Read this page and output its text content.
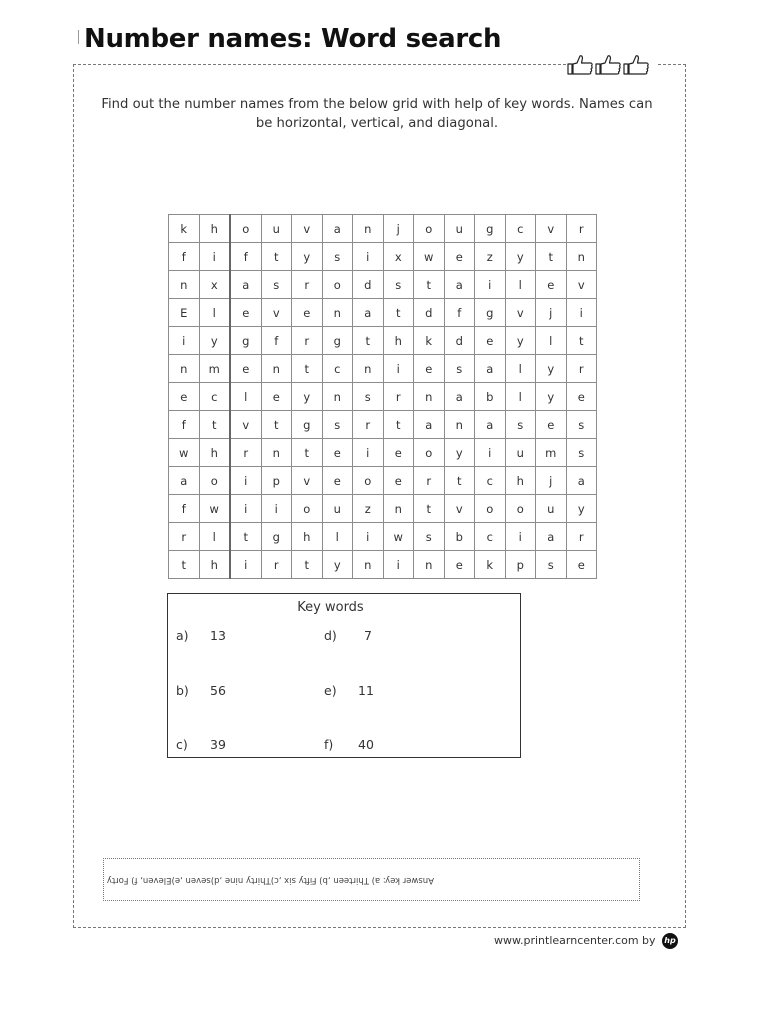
Number names: Word search

Find out the number names from the below grid with help of key words. Names can be horizontal, vertical, and diagonal.

k	h	o	u	v	a	n	j	o	u	g	c	v	r
f	i	f	t	y	s	i	x	w	e	z	y	t	n
n	x	a	s	r	o	d	s	t	a	i	l	e	v
E	l	e	v	e	n	a	t	d	f	g	v	j	i
i	y	g	f	r	g	t	h	k	d	e	y	l	t
n	m	e	n	t	c	n	i	e	s	a	l	y	r
e	c	l	e	y	n	s	r	n	a	b	l	y	e
f	t	v	t	g	s	r	t	a	n	a	s	e	s
w	h	r	n	t	e	i	e	o	y	i	u	m	s
a	o	i	p	v	e	o	e	r	t	c	h	j	a
f	w	i	i	o	u	z	n	t	v	o	o	u	y
r	l	t	g	h	l	i	w	s	b	c	i	a	r
t	h	i	r	t	y	n	i	n	e	k	p	s	e
Key words
a) 13
b) 56
c) 39
d) 7
e) 11
f) 40
Answer key: a) Thirteen ,b) Fifty six ,c)Thirty nine ,d)seven ,e)Eleven, f) Forty
www.printlearncenter.com by hp
